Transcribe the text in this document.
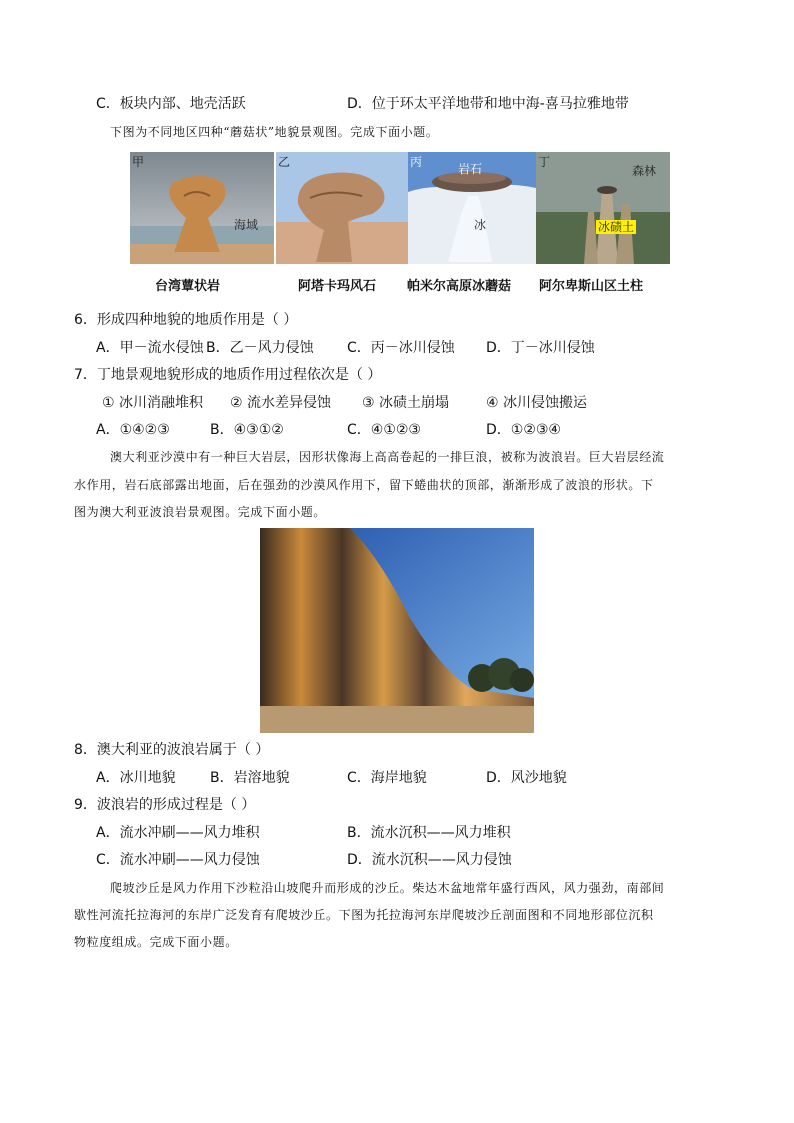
C．板块内部、地壳活跃	D．位于环太平洋地带和地中海-喜马拉雅地带
下图为不同地区四种“蘑菇状”地貌景观图。完成下面小题。
甲
海域
乙	丙	岩石
冰
丁
森林
冰碛土
台湾蕈状岩	阿塔卡玛风石 帕米尔高原冰蘑菇 阿尔卑斯山区土柱
6．形成四种地貌的地质作用是（ ）
A．甲－流水侵蚀 B．乙－风力侵蚀 C．丙－冰川侵蚀 D．丁－冰川侵蚀
7．丁地景观地貌形成的地质作用过程依次是（ ）
① 冰川消融堆积 ② 流水差异侵蚀 ③ 冰碛土崩塌	④ 冰川侵蚀搬运
A．①④②③	B．④③①②	C．④①②③	D．①②③④
澳大利亚沙漠中有一种巨大岩层，因形状像海上高高卷起的一排巨浪，被称为波浪岩。巨大岩层经流
水作用，岩石底部露出地面，后在强劲的沙漠风作用下，留下蜷曲状的顶部，渐渐形成了波浪的形状。下
图为澳大利亚波浪岩景观图。完成下面小题。
8．澳大利亚的波浪岩属于（ ）
A．冰川地貌 B．岩溶地貌	C．海岸地貌	D．风沙地貌
9．波浪岩的形成过程是（ ）
A．流水冲刷——风力堆积	B．流水沉积——风力堆积
C．流水冲刷——风力侵蚀	D．流水沉积——风力侵蚀
爬坡沙丘是风力作用下沙粒沿山坡爬升而形成的沙丘。柴达木盆地常年盛行西风，风力强劲，南部间
歇性河流托拉海河的东岸广泛发育有爬坡沙丘。下图为托拉海河东岸爬坡沙丘剖面图和不同地形部位沉积
物粒度组成。完成下面小题。
